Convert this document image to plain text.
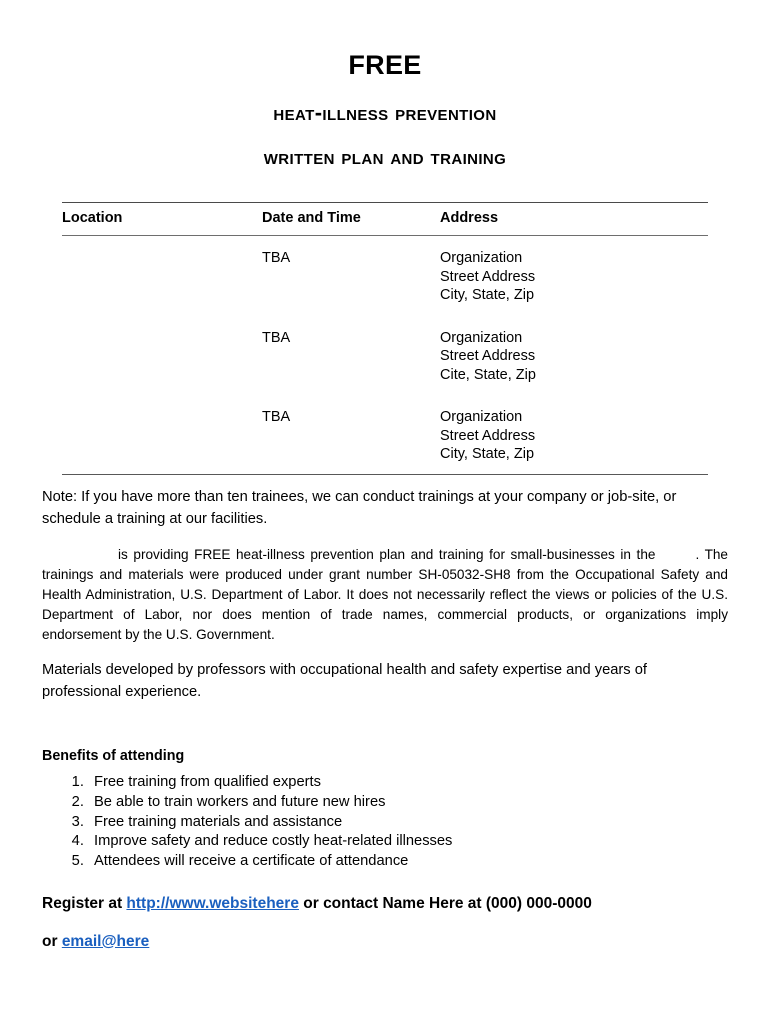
FREE
heat-illness prevention
written plan and training
Location	Date and Time	Address

	TBA	Organization
Street Address
City, State, Zip

	TBA	Organization
Street Address
Cite, State, Zip

	TBA	Organization
Street Address
City, State, Zip

Note: If you have more than ten trainees, we can conduct trainings at your company or job-site, or schedule a training at our facilities.

is providing FREE heat-illness prevention plan and training for small-businesses in the	. The trainings and materials were produced under grant number SH-05032-SH8 from the Occupational Safety and Health Administration, U.S. Department of Labor. It does not necessarily reflect the views or policies of the U.S. Department of Labor, nor does mention of trade names, commercial products, or organizations imply endorsement by the U.S. Government.

Materials developed by professors with occupational health and safety expertise and years of professional experience.

Benefits of attending
1. Free training from qualified experts
2. Be able to train workers and future new hires
3. Free training materials and assistance
4. Improve safety and reduce costly heat-related illnesses
5. Attendees will receive a certificate of attendance
Register at http://www.websitehere or contact Name Here at (000) 000-0000
or email@here
